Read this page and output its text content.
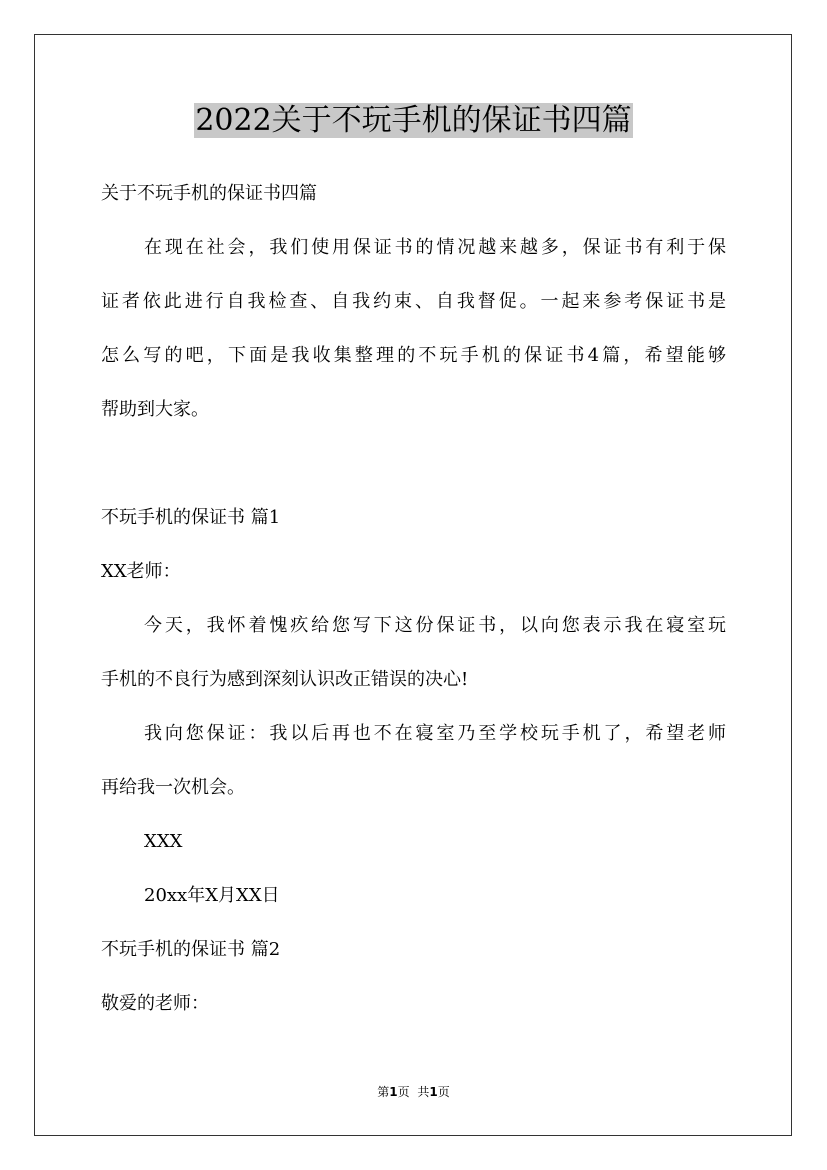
2022关于不玩手机的保证书四篇
关于不玩手机的保证书四篇
在现在社会，我们使用保证书的情况越来越多，保证书有利于保
证者依此进行自我检查、自我约束、自我督促。一起来参考保证书是
怎么写的吧，下面是我收集整理的不玩手机的保证书4篇，希望能够
帮助到大家。
不玩手机的保证书 篇1
XX老师：
今天，我怀着愧疚给您写下这份保证书，以向您表示我在寝室玩
手机的不良行为感到深刻认识改正错误的决心!
我向您保证：我以后再也不在寝室乃至学校玩手机了，希望老师
再给我一次机会。
XXX
20xx年X月XX日
不玩手机的保证书 篇2
敬爱的老师：
第1页 共1页
